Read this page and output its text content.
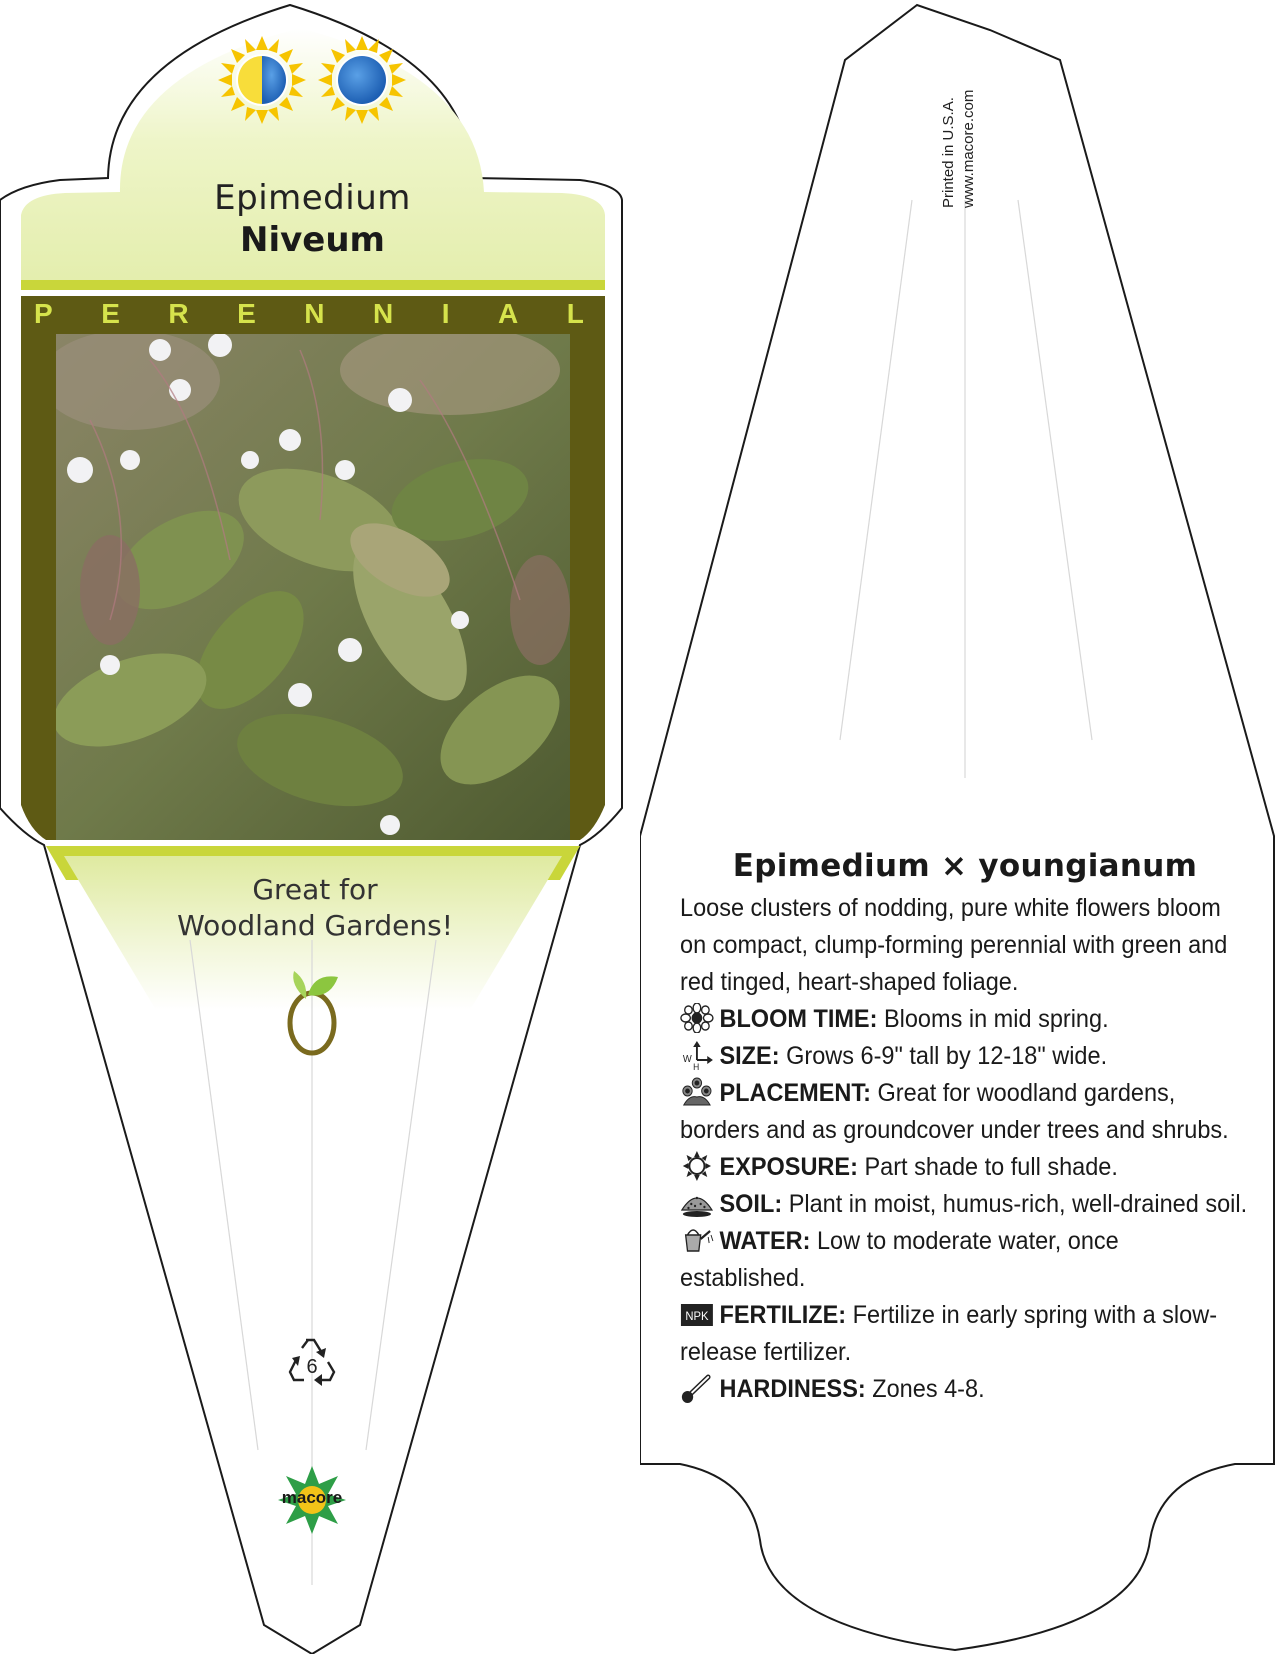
Epimedium
Niveum
P E R E N N I A L
Great for
Woodland Gardens!
6
macore
Printed in U.S.A. www.macore.com
Epimedium × youngianum
Loose clusters of nodding, pure white flowers bloom on compact, clump-forming perennial with green and red tinged, heart-shaped foliage.
BLOOM TIME: Blooms in mid spring.
W
H SIZE: Grows 6-9" tall by 12-18" wide.
PLACEMENT: Great for woodland gardens, borders and as groundcover under trees and shrubs.
EXPOSURE: Part shade to full shade.
SOIL: Plant in moist, humus-rich, well-drained soil.
WATER: Low to moderate water, once established.
NPK FERTILIZE: Fertilize in early spring with a slow-release fertilizer.
HARDINESS: Zones 4-8.
